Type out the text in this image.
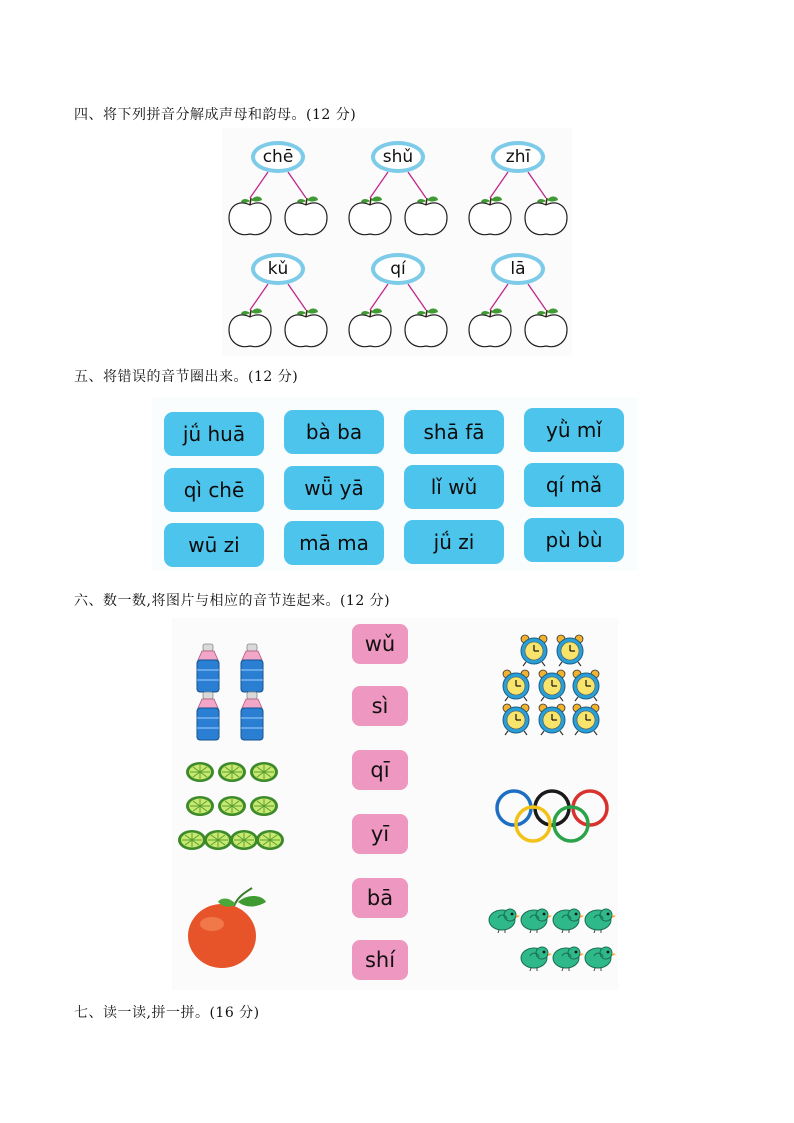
四、将下列拼音分解成声母和韵母。(12 分)
chē	shǔ	zhī
kǔ	qí	lā
五、将错误的音节圈出来。(12 分)
jǘ huā	bà ba	shā fā	yǜ mǐ
qì chē	wǖ yā	lǐ wǔ	qí mǎ
wū zi	mā ma	jǘ zi	pù bù
六、数一数,将图片与相应的音节连起来。(12 分)
wǔ
sì
qī
yī
bā
shí
七、读一读,拼一拼。(16 分)
